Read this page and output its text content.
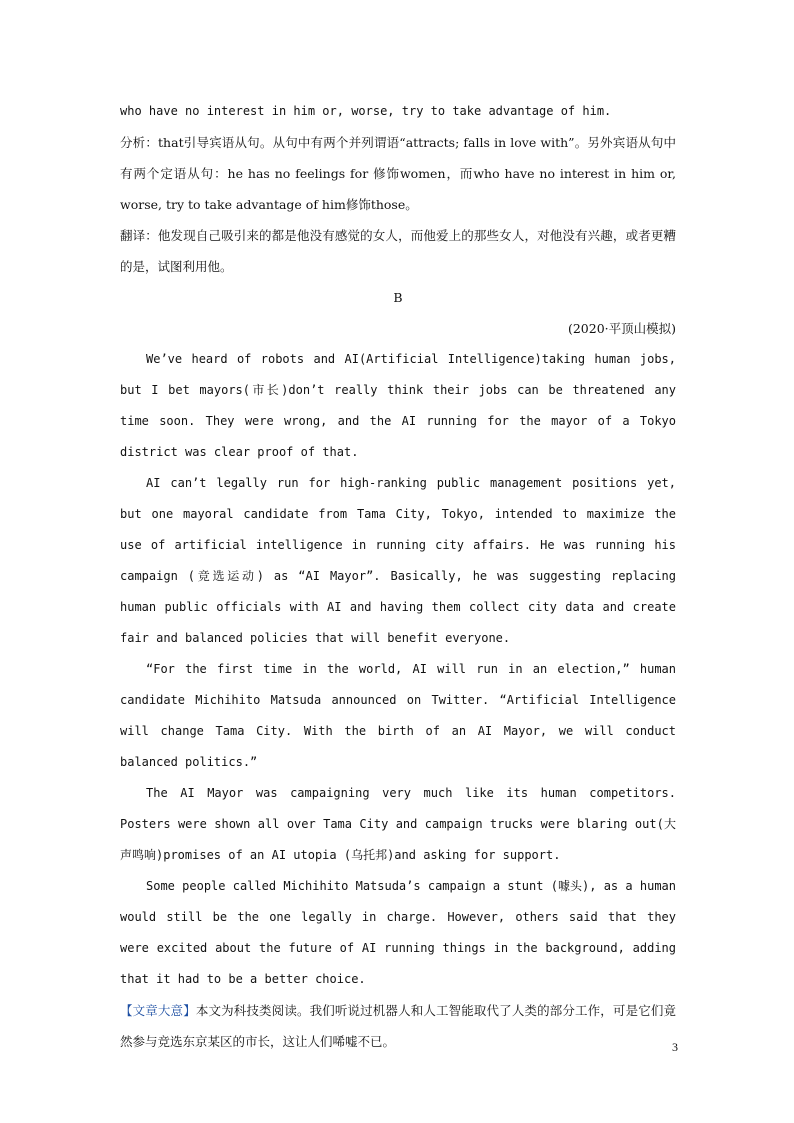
who have no interest in him or, worse, try to take advantage of him.

分析：that引导宾语从句。从句中有两个并列谓语“attracts; falls in love with”。另外宾语从句中有两个定语从句：he has no feelings for 修饰women，而who have no interest in him or, worse, try to take advantage of him修饰those。

翻译：他发现自己吸引来的都是他没有感觉的女人，而他爱上的那些女人，对他没有兴趣，或者更糟的是，试图利用他。

B

(2020·平顶山模拟)

We’ve heard of robots and AI(Artificial Intelligence)taking human jobs, but I bet mayors(市长)don’t really think their jobs can be threatened any time soon. They were wrong, and the AI running for the mayor of a Tokyo district was clear proof of that.

AI can’t legally run for high-ranking public management positions yet, but one mayoral candidate from Tama City, Tokyo, intended to maximize the use of artificial intelligence in running city affairs. He was running his campaign (竞选运动) as “AI Mayor”. Basically, he was suggesting replacing human public officials with AI and having them collect city data and create fair and balanced policies that will benefit everyone.

“For the first time in the world, AI will run in an election,” human candidate Michihito Matsuda announced on Twitter. “Artificial Intelligence will change Tama City. With the birth of an AI Mayor, we will conduct balanced politics.”

The AI Mayor was campaigning very much like its human competitors. Posters were shown all over Tama City and campaign trucks were blaring out(大声鸣响)promises of an AI utopia (乌托邦)and asking for support.

Some people called Michihito Matsuda’s campaign a stunt (噱头), as a human would still be the one legally in charge. However, others said that they were excited about the future of AI running things in the background, adding that it had to be a better choice.

【文章大意】本文为科技类阅读。我们听说过机器人和人工智能取代了人类的部分工作，可是它们竟然参与竞选东京某区的市长，这让人们唏嘘不已。	3
